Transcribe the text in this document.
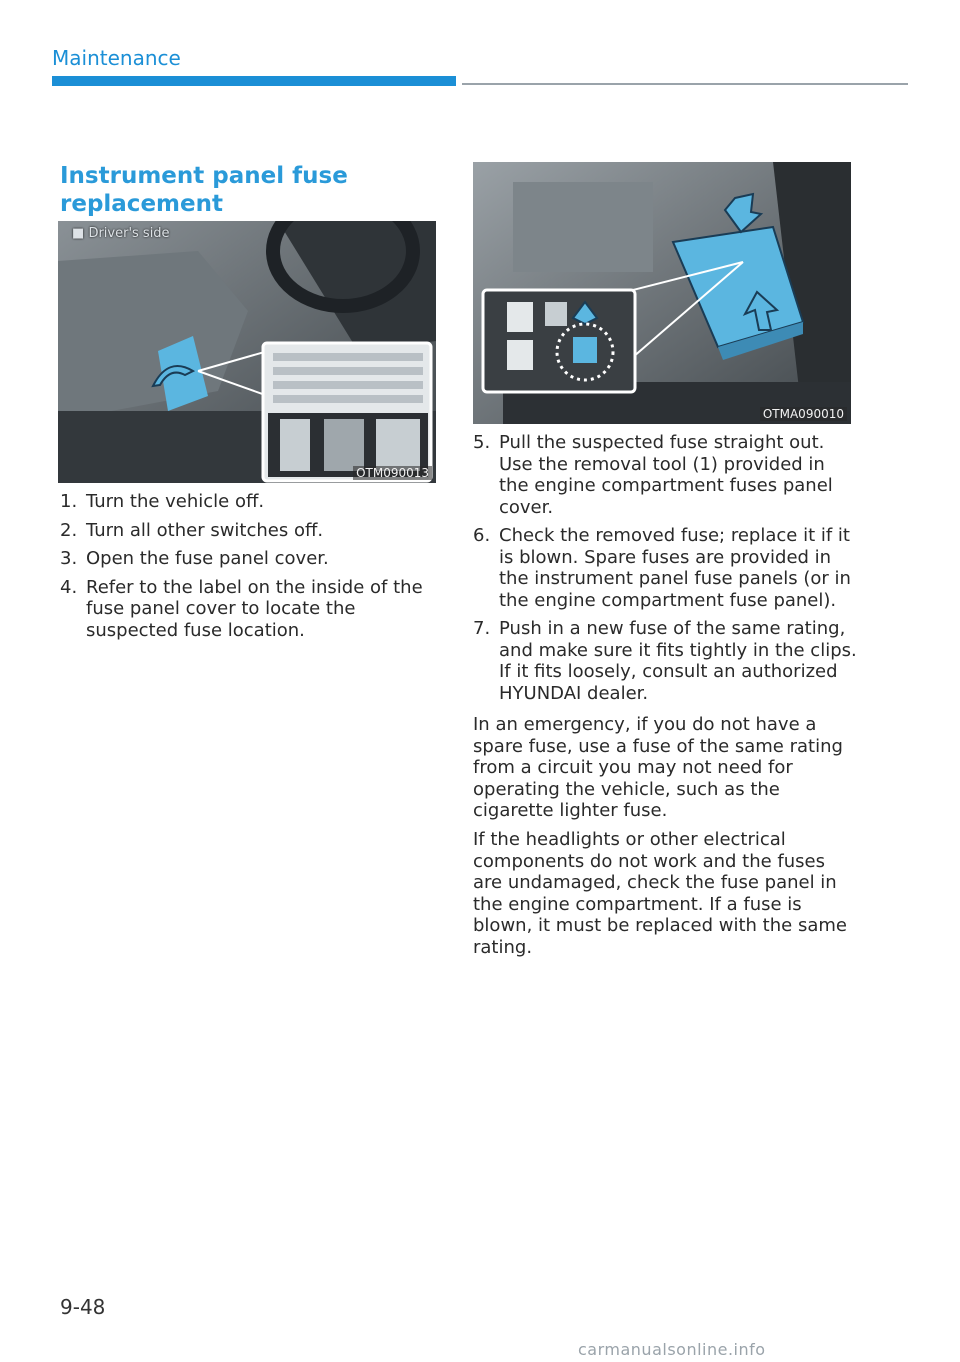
Maintenance
Instrument panel fuse replacement
■ Driver's side
OTM090013
OTMA090010
1. Turn the vehicle off.
2. Turn all other switches off.
3. Open the fuse panel cover.
4. Refer to the label on the inside of the fuse panel cover to locate the suspected fuse location.
5. Pull the suspected fuse straight out. Use the removal tool (1) provided in the engine compartment fuses panel cover.
6. Check the removed fuse; replace it if it is blown. Spare fuses are provided in the instrument panel fuse panels (or in the engine compartment fuse panel).
7. Push in a new fuse of the same rating, and make sure it fits tightly in the clips. If it fits loosely, consult an authorized HYUNDAI dealer.

In an emergency, if you do not have a spare fuse, use a fuse of the same rating from a circuit you may not need for operating the vehicle, such as the cigarette lighter fuse.

If the headlights or other electrical components do not work and the fuses are undamaged, check the fuse panel in the engine compartment. If a fuse is blown, it must be replaced with the same rating.

9-48
carmanualsonline.info
